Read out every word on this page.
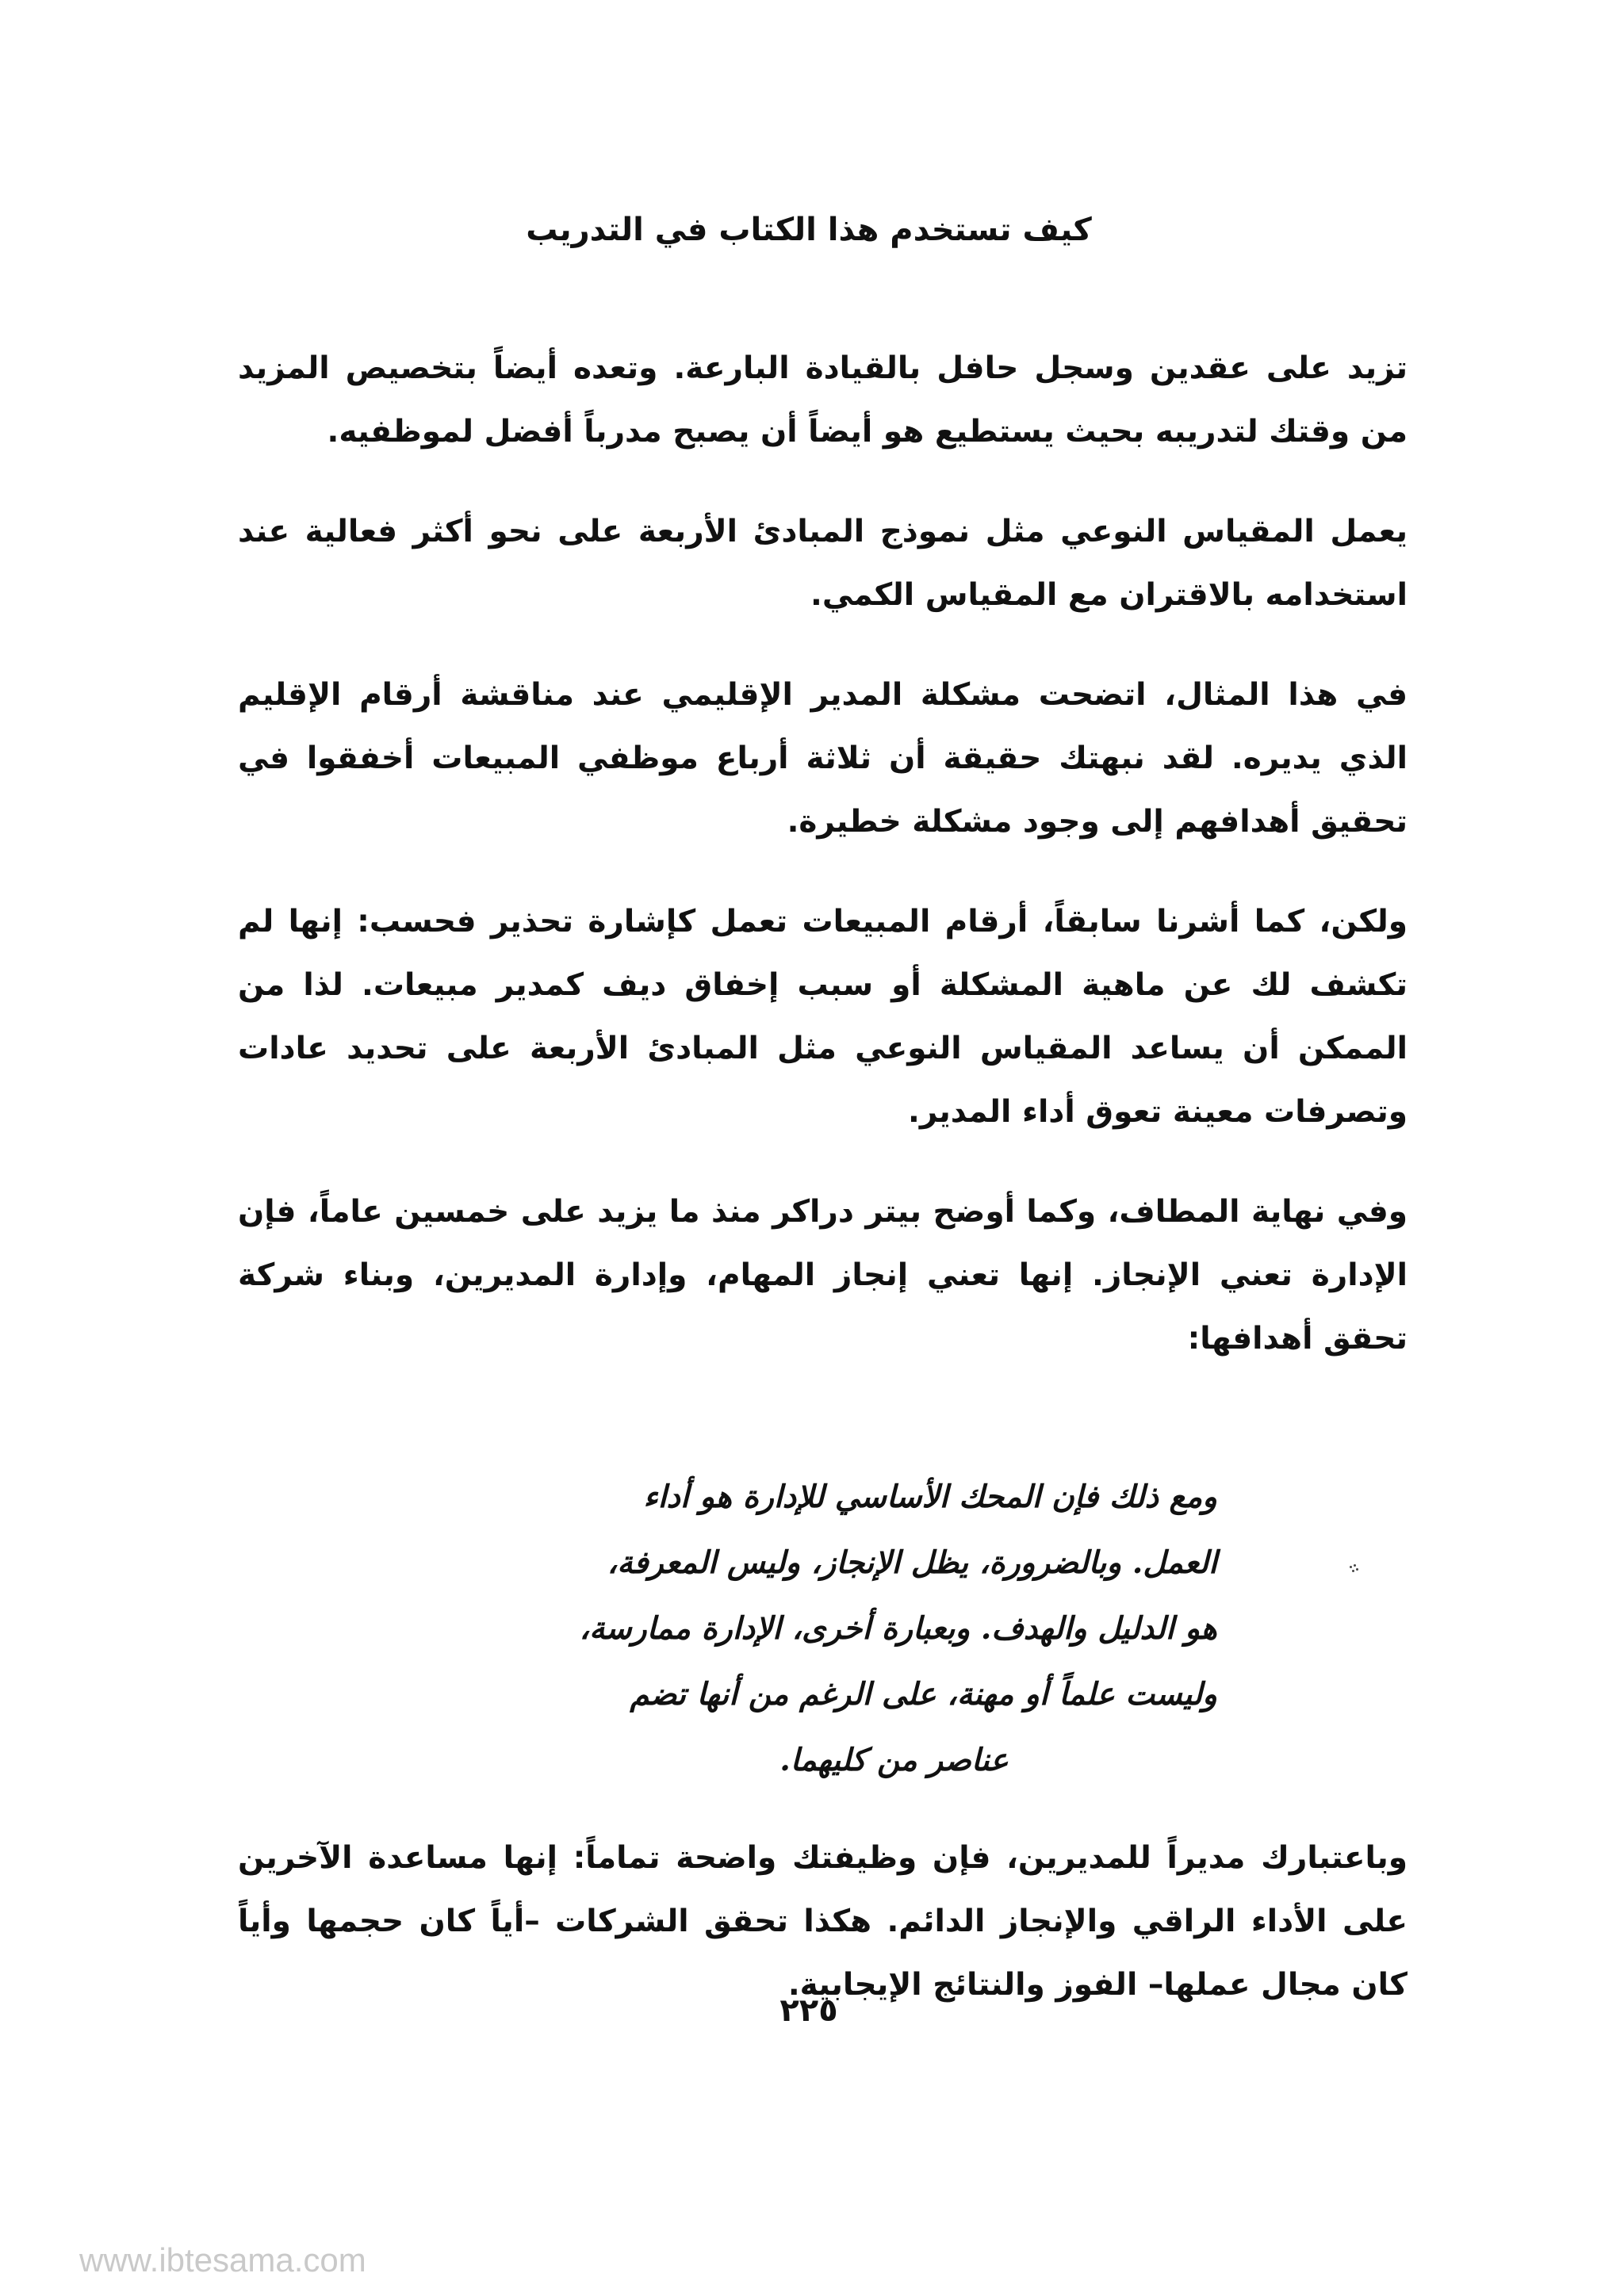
كيف تستخدم هذا الكتاب في التدريب

تزيد على عقدين وسجل حافل بالقيادة البارعة. وتعده أيضاً بتخصيص المزيد من وقتك لتدريبه بحيث يستطيع هو أيضاً أن يصبح مدرباً أفضل لموظفيه.

يعمل المقياس النوعي مثل نموذج المبادئ الأربعة على نحو أكثر فعالية عند استخدامه بالاقتران مع المقياس الكمي.

في هذا المثال، اتضحت مشكلة المدير الإقليمي عند مناقشة أرقام الإقليم الذي يديره. لقد نبهتك حقيقة أن ثلاثة أرباع موظفي المبيعات أخفقوا في تحقيق أهدافهم إلى وجود مشكلة خطيرة.

ولكن، كما أشرنا سابقاً، أرقام المبيعات تعمل كإشارة تحذير فحسب: إنها لم تكشف لك عن ماهية المشكلة أو سبب إخفاق ديف كمدير مبيعات. لذا من الممكن أن يساعد المقياس النوعي مثل المبادئ الأربعة على تحديد عادات وتصرفات معينة تعوق أداء المدير.

وفي نهاية المطاف، وكما أوضح بيتر دراكر منذ ما يزيد على خمسين عاماً، فإن الإدارة تعني الإنجاز. إنها تعني إنجاز المهام، وإدارة المديرين، وبناء شركة تحقق أهدافها:

ومع ذلك فإن المحك الأساسي للإدارة هو أداء العمل. وبالضرورة، يظل الإنجاز، وليس المعرفة، هو الدليل والهدف. وبعبارة أخرى، الإدارة ممارسة، وليست علماً أو مهنة، على الرغم من أنها تضم عناصر من كليهما.

وباعتبارك مديراً للمديرين، فإن وظيفتك واضحة تماماً: إنها مساعدة الآخرين على الأداء الراقي والإنجاز الدائم. هكذا تحقق الشركات –أياً كان حجمها وأياً كان مجال عملها– الفوز والنتائج الإيجابية.

٢٢٥
www.ibtesama.com
